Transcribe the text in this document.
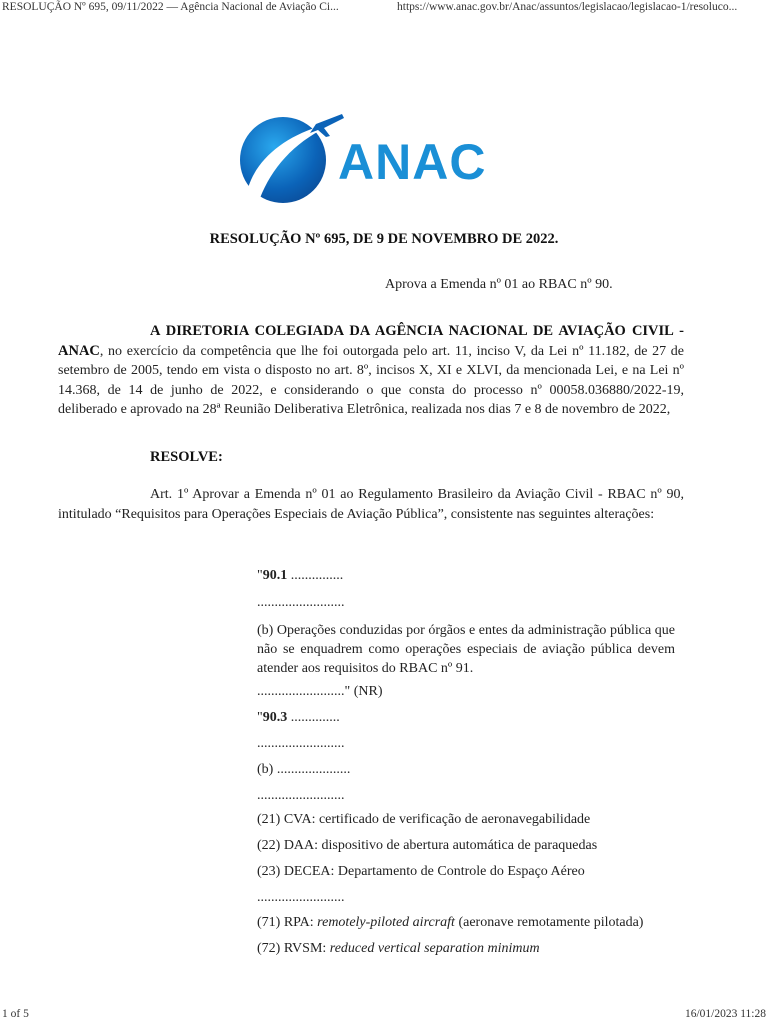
RESOLUÇÃO Nº 695, 09/11/2022 — Agência Nacional de Aviação Ci...	https://www.anac.gov.br/Anac/assuntos/legislacao/legislacao-1/resoluco...
ANAC
RESOLUÇÃO Nº 695, DE 9 DE NOVEMBRO DE 2022.
Aprova a Emenda nº 01 ao RBAC nº 90.
A DIRETORIA COLEGIADA DA AGÊNCIA NACIONAL DE AVIAÇÃO CIVIL - ANAC, no exercício da competência que lhe foi outorgada pelo art. 11, inciso V, da Lei nº 11.182, de 27 de setembro de 2005, tendo em vista o disposto no art. 8º, incisos X, XI e XLVI, da mencionada Lei, e na Lei nº 14.368, de 14 de junho de 2022, e considerando o que consta do processo nº 00058.036880/2022-19, deliberado e aprovado na 28ª Reunião Deliberativa Eletrônica, realizada nos dias 7 e 8 de novembro de 2022,
RESOLVE:
Art. 1º Aprovar a Emenda nº 01 ao Regulamento Brasileiro da Aviação Civil - RBAC nº 90, intitulado “Requisitos para Operações Especiais de Aviação Pública”, consistente nas seguintes alterações:
"90.1 ...............
.........................
(b) Operações conduzidas por órgãos e entes da administração pública que não se enquadrem como operações especiais de aviação pública devem atender aos requisitos do RBAC nº 91.
........................." (NR)
"90.3 ..............
.........................
(b) .....................
.........................
(21) CVA: certificado de verificação de aeronavegabilidade
(22) DAA: dispositivo de abertura automática de paraquedas
(23) DECEA: Departamento de Controle do Espaço Aéreo
.........................
(71) RPA: remotely-piloted aircraft (aeronave remotamente pilotada)
(72) RVSM: reduced vertical separation minimum
1 of 5	16/01/2023 11:28
